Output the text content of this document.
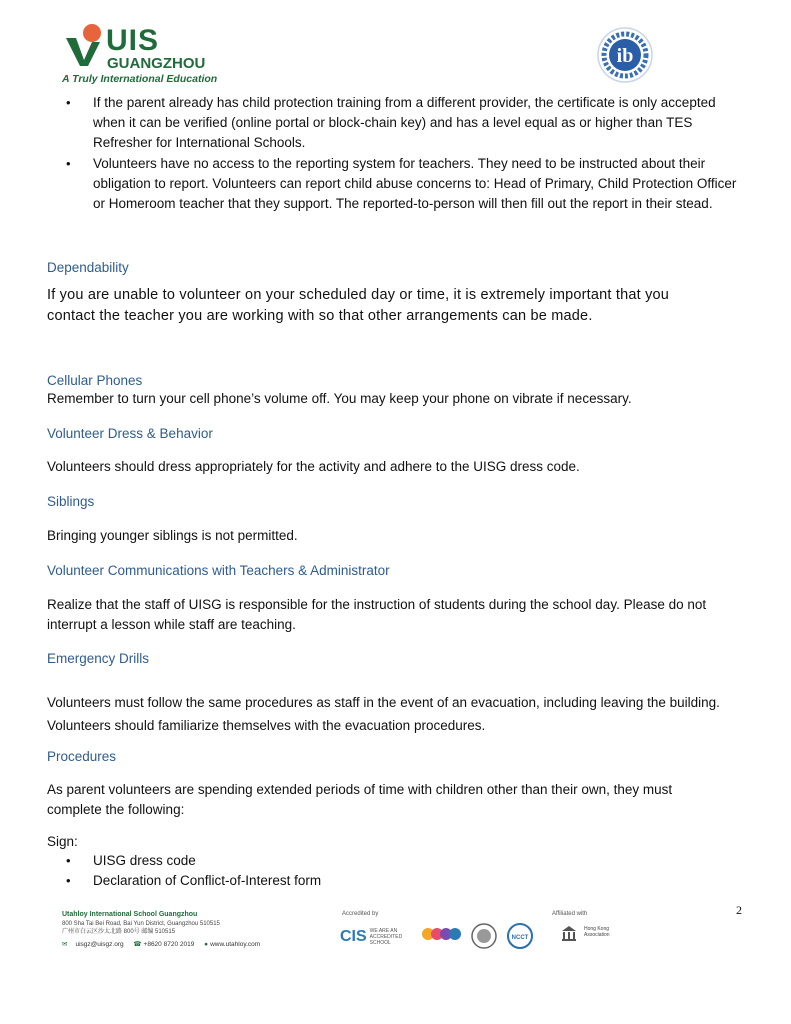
UIS
GUANGZHOU
A Truly International Education
ib
• If the parent already has child protection training from a different provider, the certificate is only accepted when it can be verified (online portal or block-chain key) and has a level equal as or higher than TES Refresher for International Schools.
• Volunteers have no access to the reporting system for teachers. They need to be instructed about their obligation to report. Volunteers can report child abuse concerns to: Head of Primary, Child Protection Officer or Homeroom teacher that they support. The reported-to-person will then fill out the report in their stead.
Dependability
If you are unable to volunteer on your scheduled day or time, it is extremely important that you contact the teacher you are working with so that other arrangements can be made.
Cellular Phones
Remember to turn your cell phone’s volume off. You may keep your phone on vibrate if necessary.
Volunteer Dress & Behavior
Volunteers should dress appropriately for the activity and adhere to the UISG dress code.
Siblings
Bringing younger siblings is not permitted.
Volunteer Communications with Teachers & Administrator
Realize that the staff of UISG is responsible for the instruction of students during the school day. Please do not interrupt a lesson while staff are teaching.
Emergency Drills
Volunteers must follow the same procedures as staff in the event of an evacuation, including leaving the building. Volunteers should familiarize themselves with the evacuation procedures.
Procedures
As parent volunteers are spending extended periods of time with children other than their own, they must complete the following:
Sign:
• UISG dress code
• Declaration of Conflict-of-Interest form
2
Utahloy International School Guangzhou
800 Sha Tai Bei Road, Bai Yun District, Guangzhou 510515
广州市白云区沙太北路 800号 邮编 510515
✉ uisgz@uisgz.org ☎ +8620 8720 2019 ● www.utahloy.com
Accredited by
CIS WE ARE AN ACCREDITED SCHOOL
NCCT
Affiliated with
Hong Kong Association
